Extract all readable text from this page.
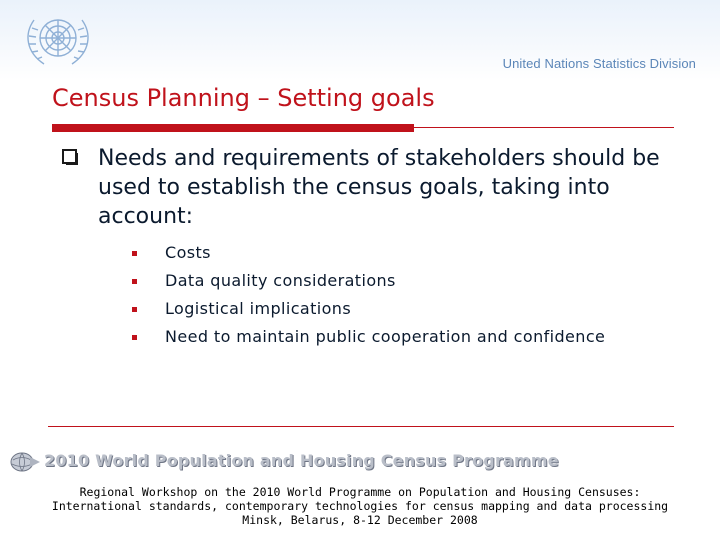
United Nations Statistics Division
Census Planning – Setting goals
Needs and requirements of stakeholders should be used to establish the census goals, taking into account:
Costs
Data quality considerations
Logistical implications
Need to maintain public cooperation and confidence
2010 World Population and Housing Census Programme
Regional Workshop on the 2010 World Programme on Population and Housing Censuses:
International standards, contemporary technologies for census mapping and data processing
Minsk, Belarus, 8-12 December 2008
